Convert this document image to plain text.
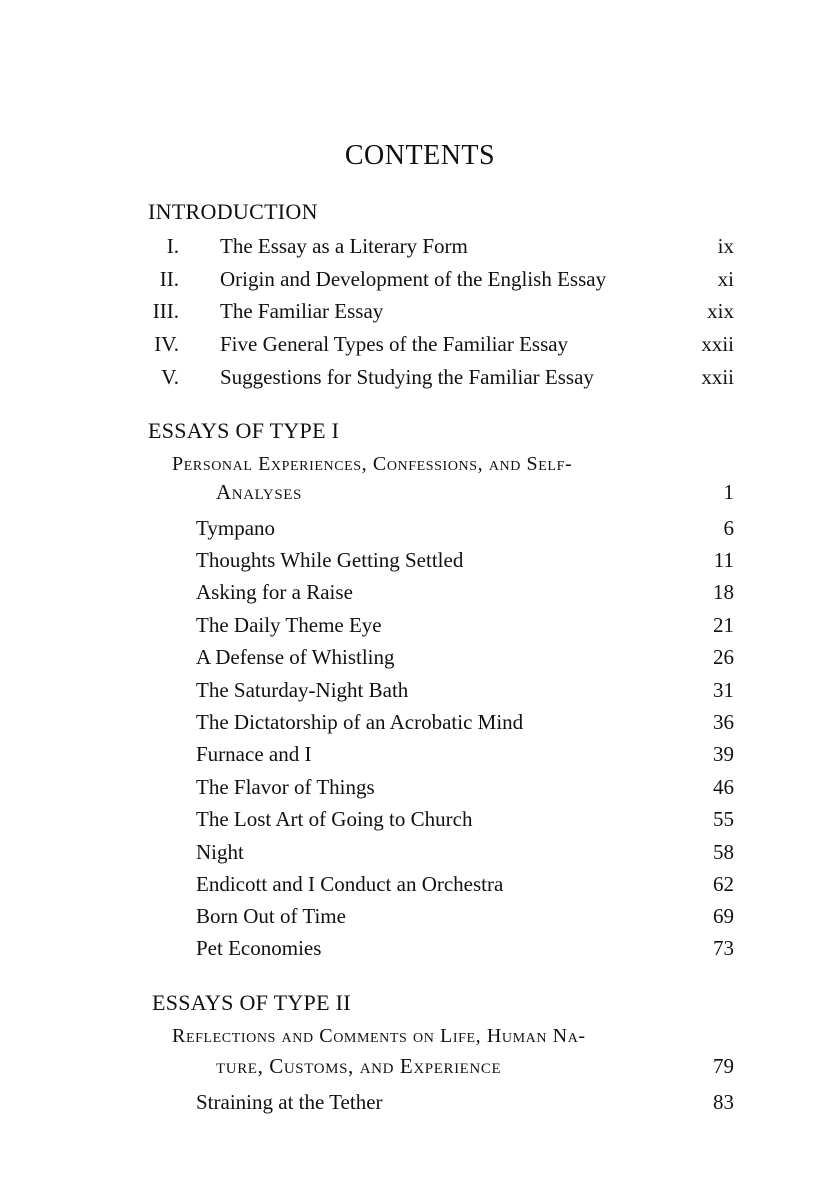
CONTENTS
INTRODUCTION
I. The Essay as a Literary Form	ix
II. Origin and Development of the English Essay	xi
III. The Familiar Essay	xix
IV. Five General Types of the Familiar Essay	xxii
V. Suggestions for Studying the Familiar Essay	xxii
ESSAYS OF TYPE I
Personal Experiences, Confessions, and Self-
Analyses	1
Tympano	6
Thoughts While Getting Settled	11
Asking for a Raise	18
The Daily Theme Eye	21
A Defense of Whistling	26
The Saturday-Night Bath	31
The Dictatorship of an Acrobatic Mind	36
Furnace and I	39
The Flavor of Things	46
The Lost Art of Going to Church	55
Night	58
Endicott and I Conduct an Orchestra	62
Born Out of Time	69
Pet Economies	73
ESSAYS OF TYPE II
Reflections and Comments on Life, Human Na-
ture, Customs, and Experience	79
Straining at the Tether	83
